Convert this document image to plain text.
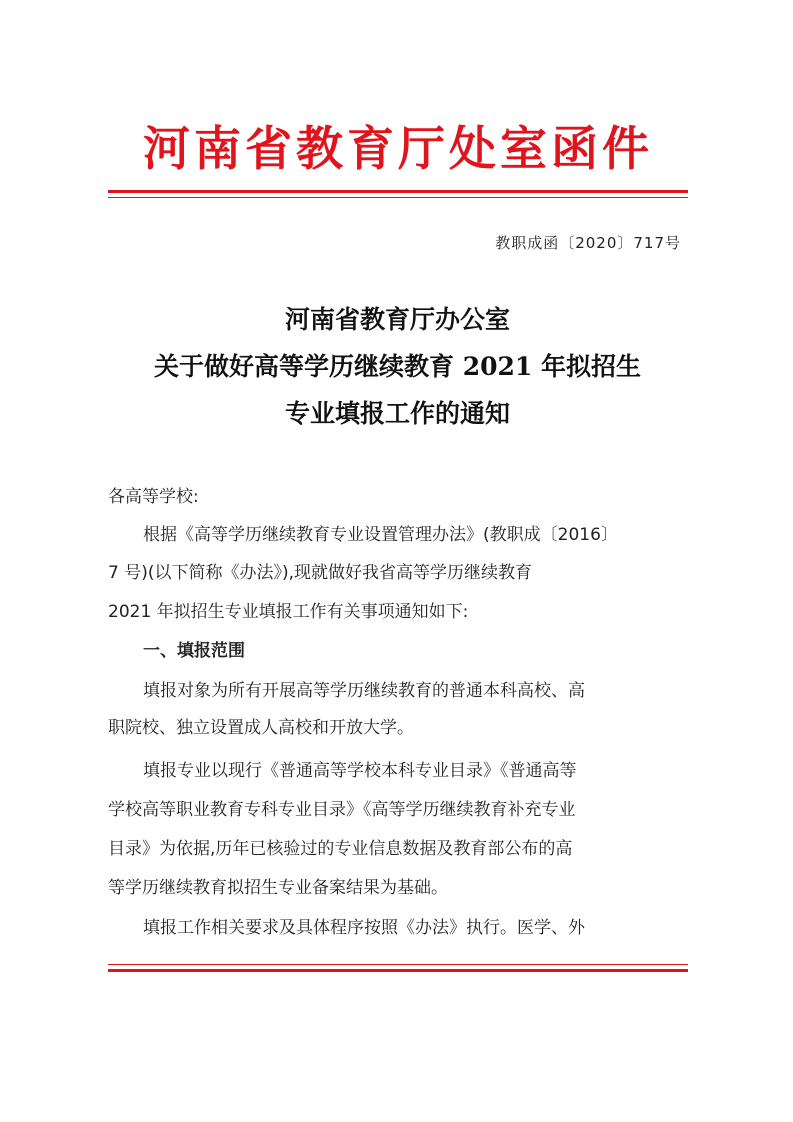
河南省教育厅处室函件
教职成函〔2020〕717号
河南省教育厅办公室
关于做好高等学历继续教育 2021 年拟招生
专业填报工作的通知
各高等学校:
根据《高等学历继续教育专业设置管理办法》(教职成〔2016〕
7 号)(以下简称《办法》),现就做好我省高等学历继续教育
2021 年拟招生专业填报工作有关事项通知如下:
一、填报范围
填报对象为所有开展高等学历继续教育的普通本科高校、高
职院校、独立设置成人高校和开放大学。
填报专业以现行《普通高等学校本科专业目录》《普通高等
学校高等职业教育专科专业目录》《高等学历继续教育补充专业
目录》为依据,历年已核验过的专业信息数据及教育部公布的高
等学历继续教育拟招生专业备案结果为基础。
填报工作相关要求及具体程序按照《办法》执行。医学、外
